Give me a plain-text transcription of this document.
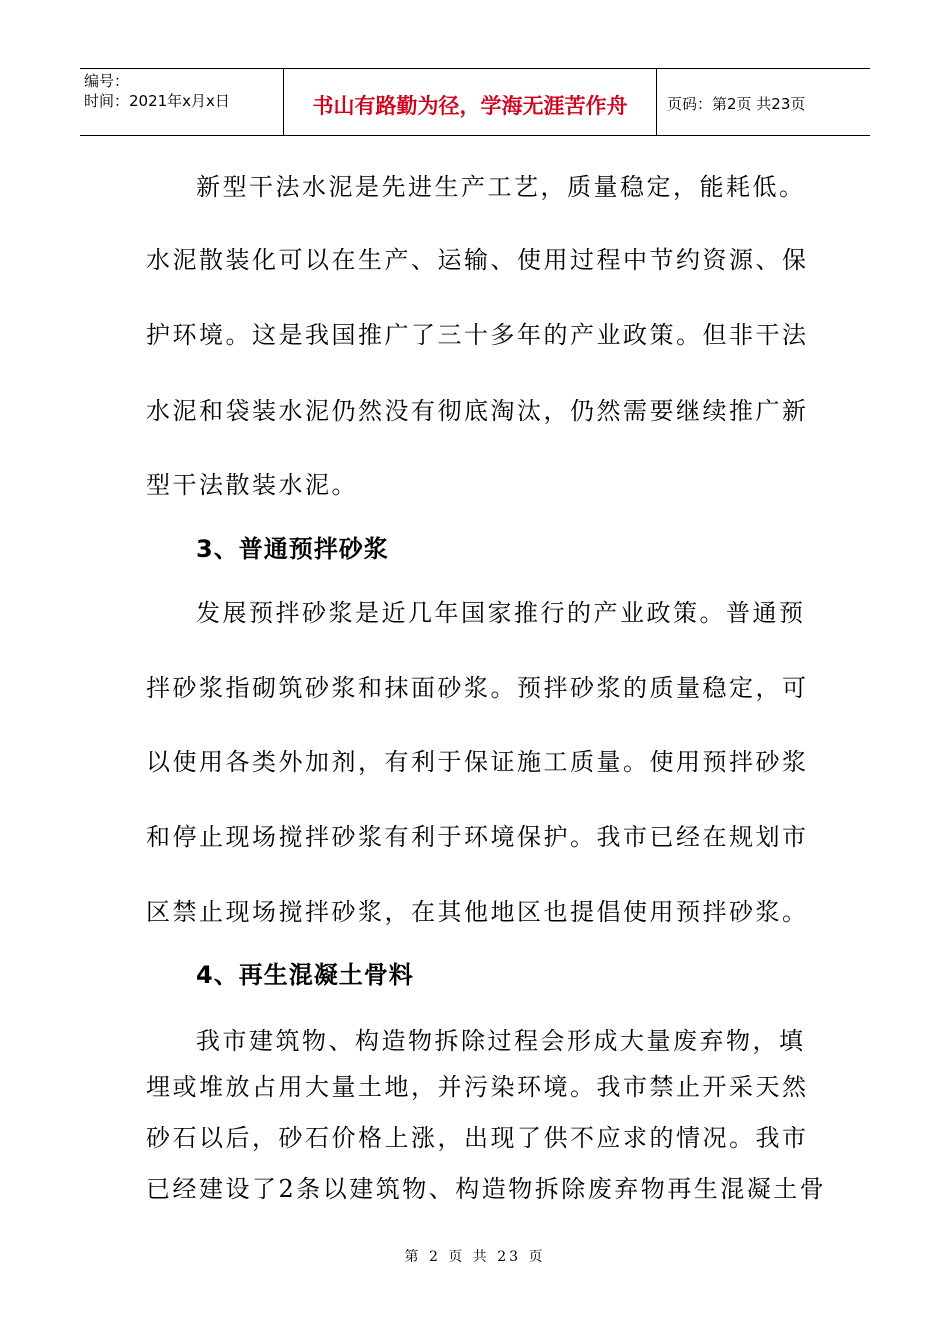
编号：
时间：2021年x月x日	书山有路勤为径，学海无涯苦作舟	页码：第2页 共23页
新型干法水泥是先进生产工艺，质量稳定，能耗低。
水泥散装化可以在生产、运输、使用过程中节约资源、保
护环境。这是我国推广了三十多年的产业政策。但非干法
水泥和袋装水泥仍然没有彻底淘汰，仍然需要继续推广新
型干法散装水泥。
3、普通预拌砂浆
发展预拌砂浆是近几年国家推行的产业政策。普通预
拌砂浆指砌筑砂浆和抹面砂浆。预拌砂浆的质量稳定，可
以使用各类外加剂，有利于保证施工质量。使用预拌砂浆
和停止现场搅拌砂浆有利于环境保护。我市已经在规划市
区禁止现场搅拌砂浆，在其他地区也提倡使用预拌砂浆。
4、再生混凝土骨料
我市建筑物、构造物拆除过程会形成大量废弃物，填
埋或堆放占用大量土地，并污染环境。我市禁止开采天然
砂石以后，砂石价格上涨，出现了供不应求的情况。我市
已经建设了2条以建筑物、构造物拆除废弃物再生混凝土骨
第 2 页 共 23 页
